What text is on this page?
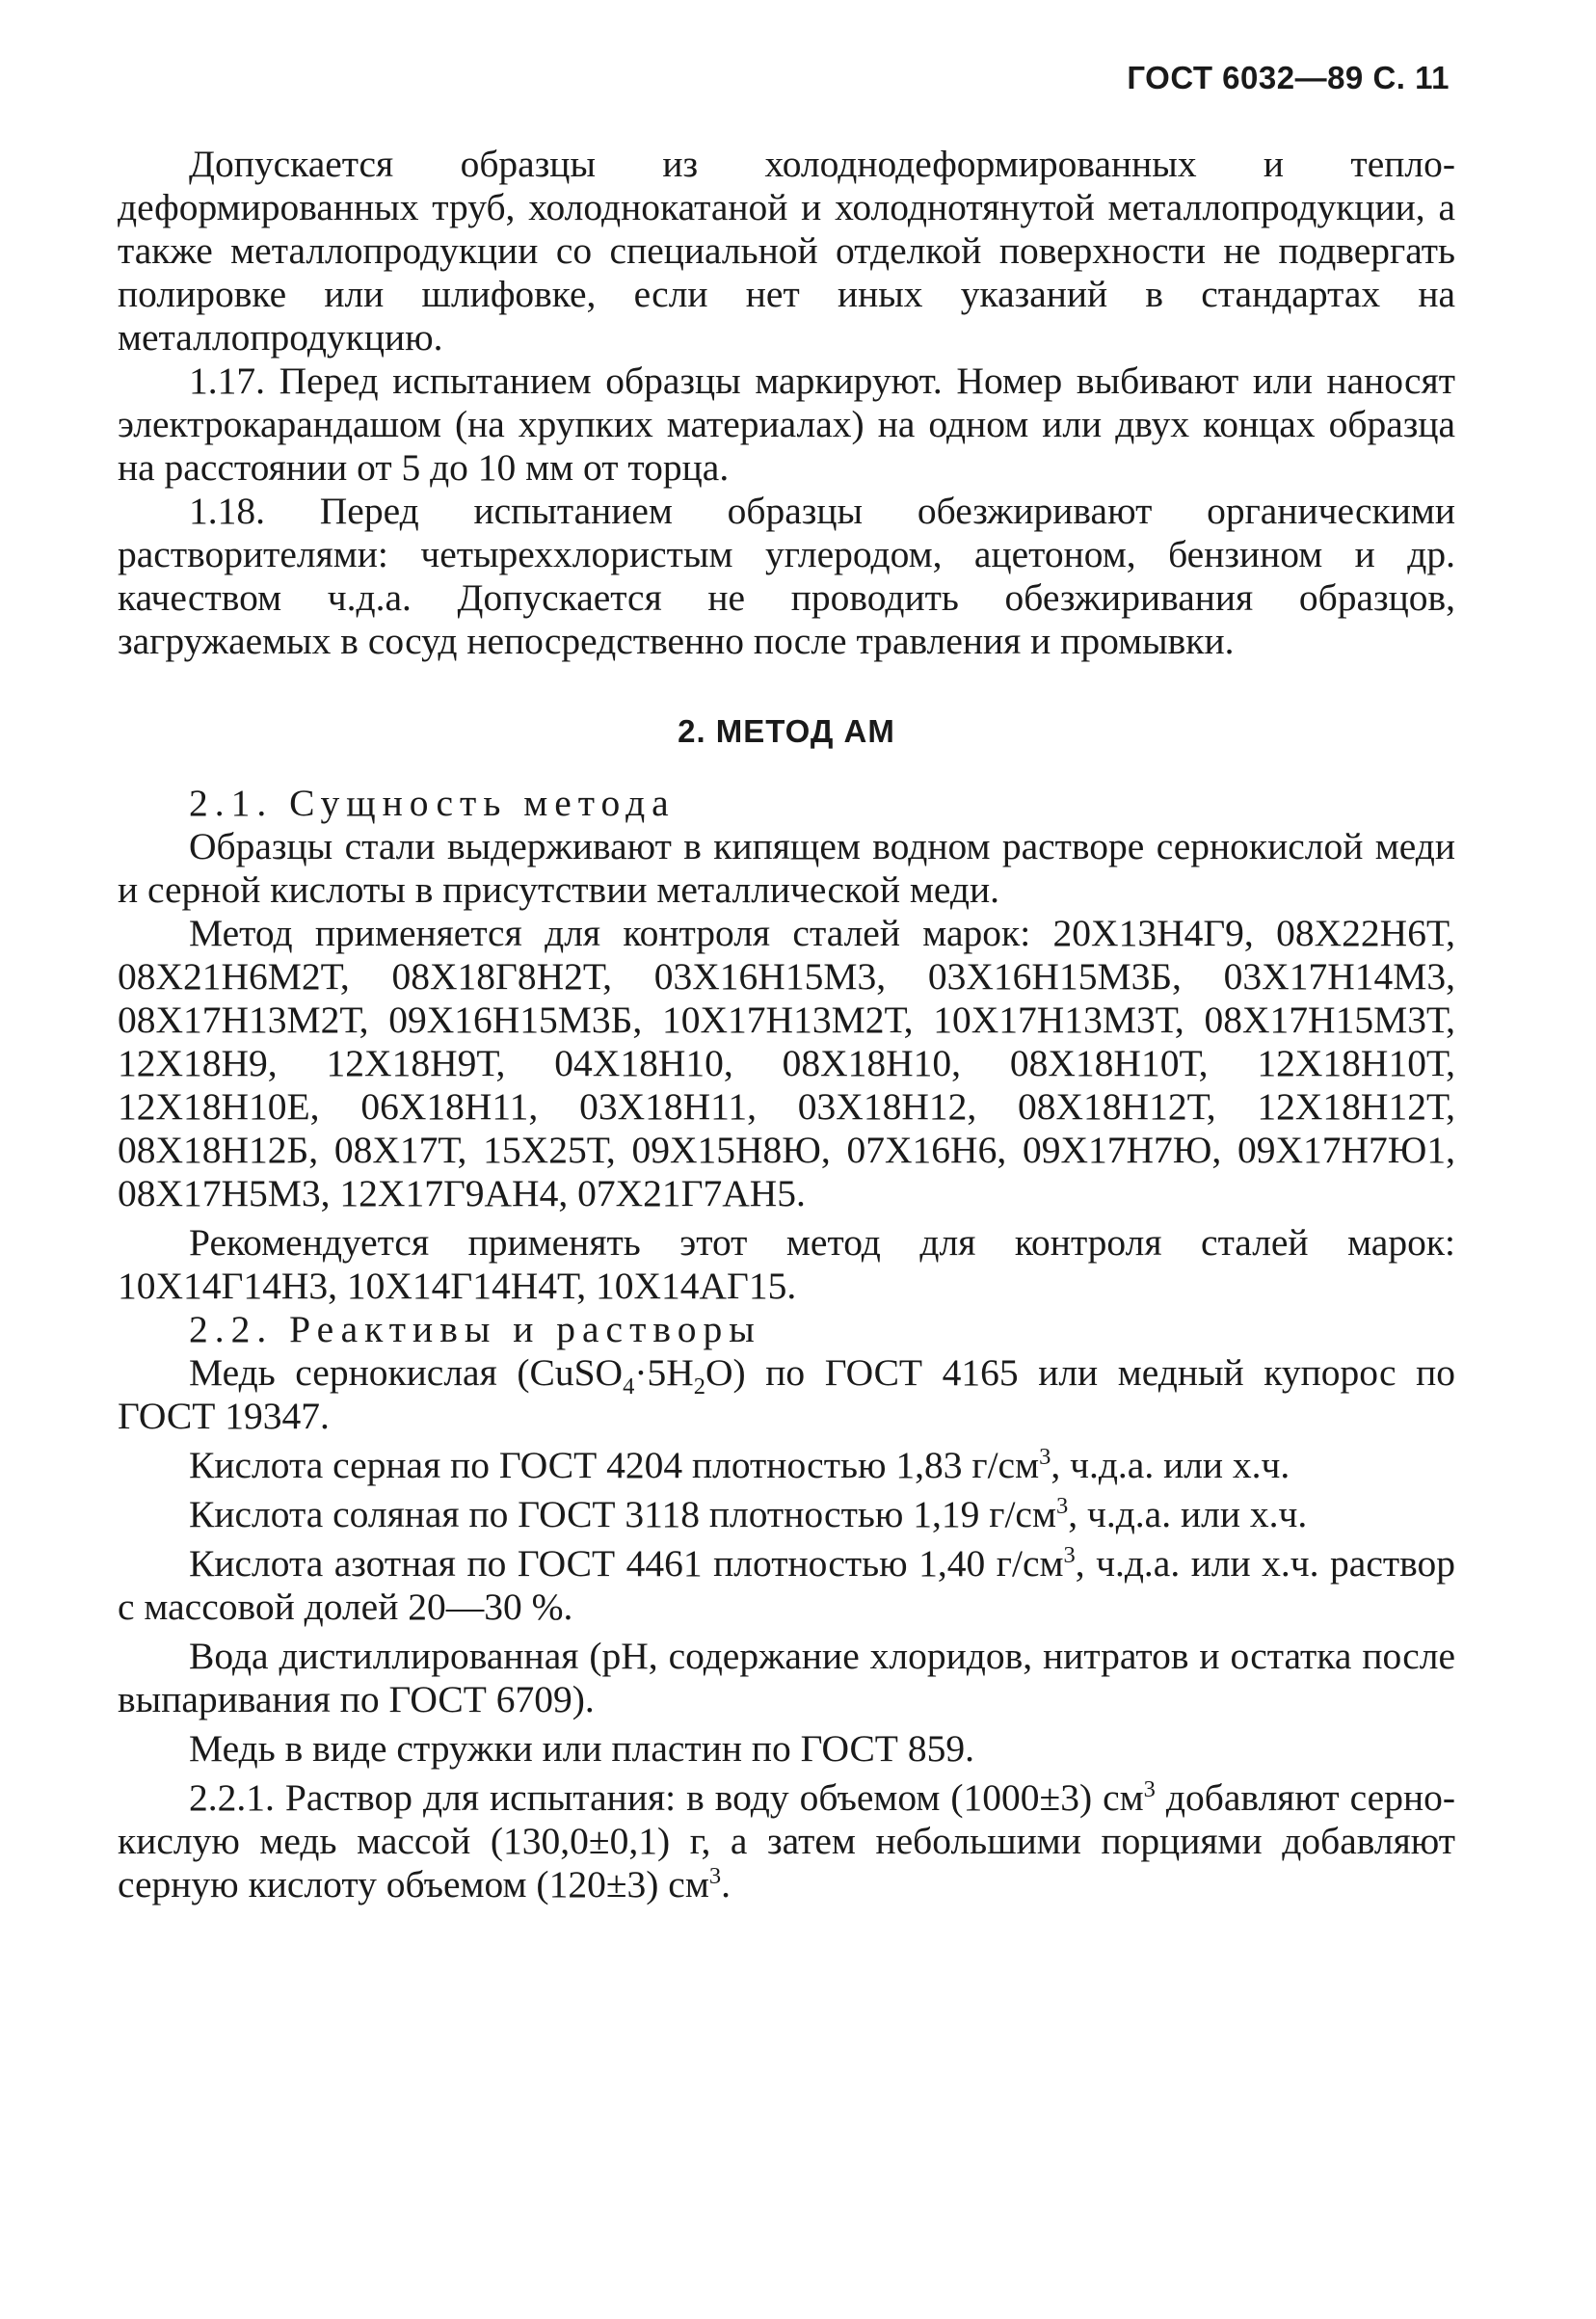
ГОСТ 6032—89 С. 11

Допускается образцы из холоднодеформированных и теплодеформированных труб, холоднокатаной и холоднотянутой металлопродукции, а также металлопродукции со специальной отделкой поверхности не подвергать полировке или шлифовке, если нет иных указаний в стандартах на металлопродукцию.

1.17. Перед испытанием образцы маркируют. Номер выбивают или наносят электрокарандашом (на хрупких материалах) на одном или двух концах образца на расстоянии от 5 до 10 мм от торца.

1.18. Перед испытанием образцы обезжиривают органическими растворителями: четыреххлористым углеродом, ацетоном, бензином и др. качеством ч.д.а. Допускается не проводить обезжиривания образцов, загружаемых в сосуд непосредственно после травления и промывки.

2. МЕТОД АМ

2.1. Сущность метода

Образцы стали выдерживают в кипящем водном растворе сернокислой меди и серной кислоты в присутствии металлической меди.

Метод применяется для контроля сталей марок: 20Х13Н4Г9, 08Х22Н6Т, 08Х21Н6М2Т, 08Х18Г8Н2Т, 03Х16Н15М3, 03Х16Н15М3Б, 03Х17Н14М3, 08Х17Н13М2Т, 09Х16Н15М3Б, 10Х17Н13М2Т, 10Х17Н13М3Т, 08Х17Н15М3Т, 12Х18Н9, 12Х18Н9Т, 04Х18Н10, 08Х18Н10, 08Х18Н10Т, 12Х18Н10Т, 12Х18Н10Е, 06Х18Н11, 03Х18Н11, 03Х18Н12, 08Х18Н12Т, 12Х18Н12Т, 08Х18Н12Б, 08Х17Т, 15Х25Т, 09Х15Н8Ю, 07Х16Н6, 09Х17Н7Ю, 09Х17Н7Ю1, 08Х17Н5М3, 12Х17Г9АН4, 07Х21Г7АН5.

Рекомендуется применять этот метод для контроля сталей марок: 10Х14Г14Н3, 10Х14Г14Н4Т, 10Х14АГ15.

2.2. Реактивы и растворы

Медь сернокислая $(CuSO_4\cdot 5H_2O)$ по ГОСТ 4165 или медный купорос по ГОСТ 19347.

Кислота серная по ГОСТ 4204 плотностью 1,83 $г/см^3$, ч.д.а. или х.ч.

Кислота соляная по ГОСТ 3118 плотностью 1,19 $г/см^3$, ч.д.а. или х.ч.

Кислота азотная по ГОСТ 4461 плотностью 1,40 $г/см^3$, ч.д.а. или х.ч. раствор с массовой долей 20—30 %.

Вода дистиллированная (pH, содержание хлоридов, нитратов и остатка после выпаривания по ГОСТ 6709).

Медь в виде стружки или пластин по ГОСТ 859.

2.2.1. Раствор для испытания: в воду объемом (1000±3) $см^3$ добавляют серно-кислую медь массой (130,0±0,1) г, а затем небольшими порциями добавляют серную кислоту объемом (120±3) $см^3$.
